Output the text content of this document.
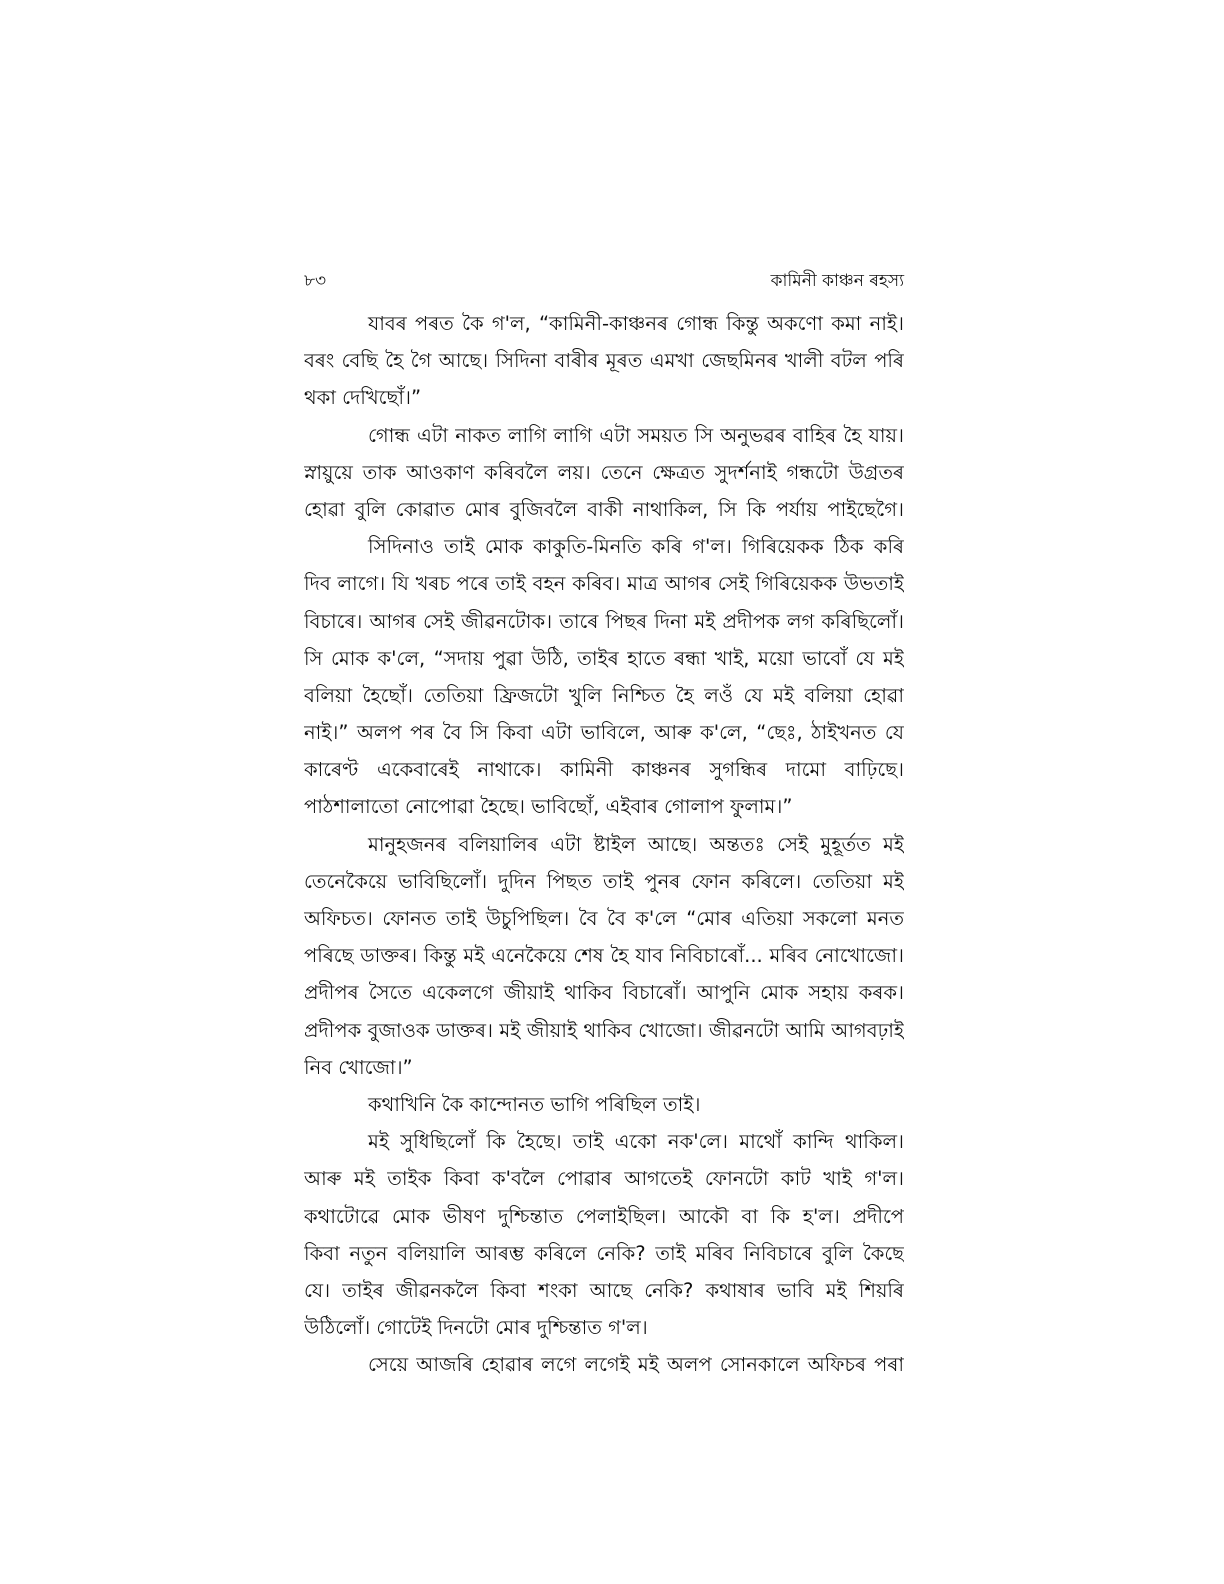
৮৩	কামিনী কাঞ্চন ৰহস্য
যাবৰ পৰত কৈ গ'ল, “কামিনী-কাঞ্চনৰ গোন্ধ কিন্তু অকণো কমা নাই।
বৰং বেছি হৈ গৈ আছে। সিদিনা বাৰীৰ মূৰত এমখা জেছমিনৰ খালী বটল পৰি
থকা দেখিছোঁ।”
গোন্ধ এটা নাকত লাগি লাগি এটা সময়ত সি অনুভৱৰ বাহিৰ হৈ যায়।
স্নায়ুয়ে তাক আওকাণ কৰিবলৈ লয়। তেনে ক্ষেত্ৰত সুদৰ্শনাই গন্ধটো উগ্ৰতৰ
হোৱা বুলি কোৱাত মোৰ বুজিবলৈ বাকী নাথাকিল, সি কি পৰ্যায় পাইছেগৈ।
সিদিনাও তাই মোক কাকুতি-মিনতি কৰি গ'ল। গিৰিয়েকক ঠিক কৰি
দিব লাগে। যি খৰচ পৰে তাই বহন কৰিব। মাত্ৰ আগৰ সেই গিৰিয়েকক উভতাই
বিচাৰে। আগৰ সেই জীৱনটোক। তাৰে পিছৰ দিনা মই প্ৰদীপক লগ কৰিছিলোঁ।
সি মোক ক'লে, “সদায় পুৱা উঠি, তাইৰ হাতে ৰন্ধা খাই, ময়ো ভাবোঁ যে মই
বলিয়া হৈছোঁ। তেতিয়া ফ্ৰিজটো খুলি নিশ্চিত হৈ লওঁ যে মই বলিয়া হোৱা
নাই।” অলপ পৰ বৈ সি কিবা এটা ভাবিলে, আৰু ক'লে, “ছেঃ, ঠাইখনত যে
কাৰেণ্ট একেবাৰেই নাথাকে। কামিনী কাঞ্চনৰ সুগন্ধিৰ দামো বাঢ়িছে।
পাঠশালাতো নোপোৱা হৈছে। ভাবিছোঁ, এইবাৰ গোলাপ ফুলাম।”
মানুহজনৰ বলিয়ালিৰ এটা ষ্টাইল আছে। অন্ততঃ সেই মুহূৰ্তত মই
তেনেকৈয়ে ভাবিছিলোঁ। দুদিন পিছত তাই পুনৰ ফোন কৰিলে। তেতিয়া মই
অফিচত। ফোনত তাই উচুপিছিল। বৈ বৈ ক'লে “মোৰ এতিয়া সকলো মনত
পৰিছে ডাক্তৰ। কিন্তু মই এনেকৈয়ে শেষ হৈ যাব নিবিচাৰোঁ... মৰিব নোখোজো।
প্ৰদীপৰ সৈতে একেলগে জীয়াই থাকিব বিচাৰোঁ। আপুনি মোক সহায় কৰক।
প্ৰদীপক বুজাওক ডাক্তৰ। মই জীয়াই থাকিব খোজো। জীৱনটো আমি আগবঢ়াই
নিব খোজো।”
কথাখিনি কৈ কান্দোনত ভাগি পৰিছিল তাই।
মই সুধিছিলোঁ কি হৈছে। তাই একো নক'লে। মাথোঁ কান্দি থাকিল।
আৰু মই তাইক কিবা ক'বলৈ পোৱাৰ আগতেই ফোনটো কাট খাই গ'ল।
কথাটোৱে মোক ভীষণ দুশ্চিন্তাত পেলাইছিল। আকৌ বা কি হ'ল। প্ৰদীপে
কিবা নতুন বলিয়ালি আৰম্ভ কৰিলে নেকি? তাই মৰিব নিবিচাৰে বুলি কৈছে
যে। তাইৰ জীৱনকলৈ কিবা শংকা আছে নেকি? কথাষাৰ ভাবি মই শিয়ৰি
উঠিলোঁ। গোটেই দিনটো মোৰ দুশ্চিন্তাত গ'ল।
সেয়ে আজৰি হোৱাৰ লগে লগেই মই অলপ সোনকালে অফিচৰ পৰা
